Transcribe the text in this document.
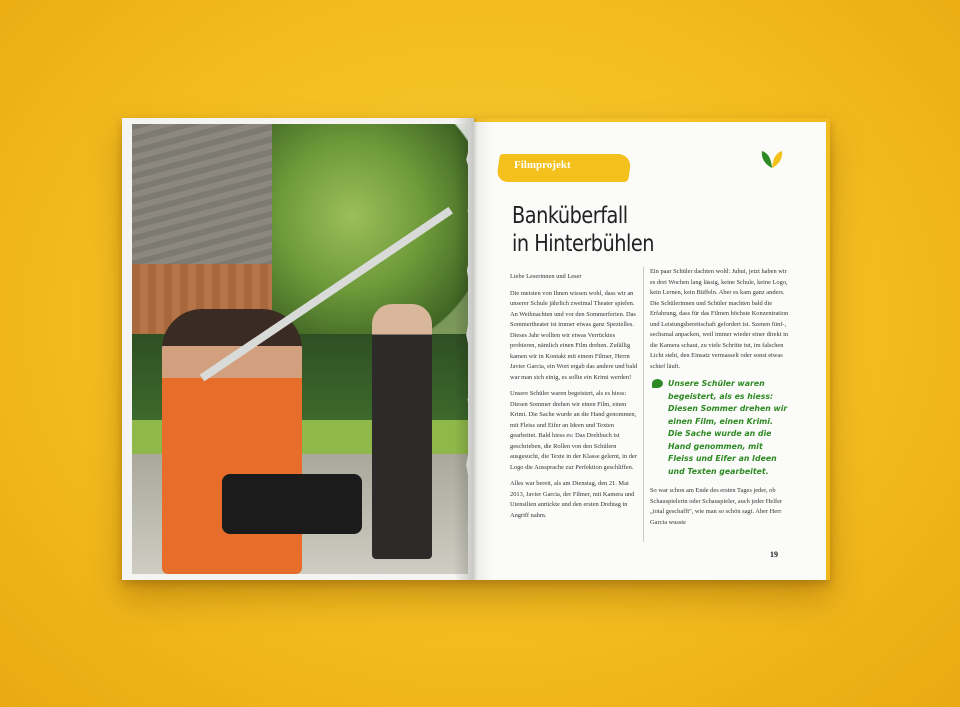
Filmprojekt
Banküberfall
in Hinterbühlen

Liebe Leserinnen und Leser

Die meisten von Ihnen wissen wohl, dass wir an unserer Schule jährlich zweimal Theater spielen. An Weihnachten und vor den Sommerferien. Das Sommertheater ist immer etwas ganz Spezielles. Dieses Jahr wollten wir etwas Verrücktes probieren, nämlich einen Film drehen. Zufällig kamen wir in Kontakt mit einem Filmer, Herrn Javier Garcia, ein Wort ergab das andere und bald war man sich einig, es sollte ein Krimi werden!

Unsere Schüler waren begeistert, als es hiess: Diesen Sommer drehen wir einen Film, einen Krimi. Die Sache wurde an die Hand genommen, mit Fleiss und Eifer an Ideen und Texten gearbeitet. Bald hiess es: Das Drehbuch ist geschrieben, die Rollen von den Schülern ausgesucht, die Texte in der Klasse gelernt, in der Logo die Aussprache zur Perfektion geschliffen.

Alles war bereit, als am Dienstag, den 21. Mai 2013, Javier Garcia, der Filmer, mit Kamera und Utensilien anrückte und den ersten Drehtag in Angriff nahm.

Ein paar Schüler dachten wohl: Juhui, jetzt haben wir es drei Wochen lang lässig, keine Schule, keine Logo, kein Lernen, kein Büffeln. Aber es kam ganz anders. Die Schülerinnen und Schüler machten bald die Erfahrung, dass für das Filmen höchste Konzentration und Leistungsbereitschaft gefordert ist. Szenen fünf-, sechsmal anpacken, weil immer wieder einer direkt in die Kamera schaut, zu viele Schritte tut, im falschen Licht steht, den Einsatz vermasselt oder sonst etwas schief läuft.

Unsere Schüler waren begeistert, als es hiess: Diesen Sommer drehen wir einen Film, einen Krimi. Die Sache wurde an die Hand genommen, mit Fleiss und Eifer an Ideen und Texten gearbeitet.

So war schon am Ende des ersten Tages jeder, ob Schauspielerin oder Schauspieler, auch jeder Helfer „total geschafft", wie man so schön sagt. Aber Herr Garcia wusste

19
